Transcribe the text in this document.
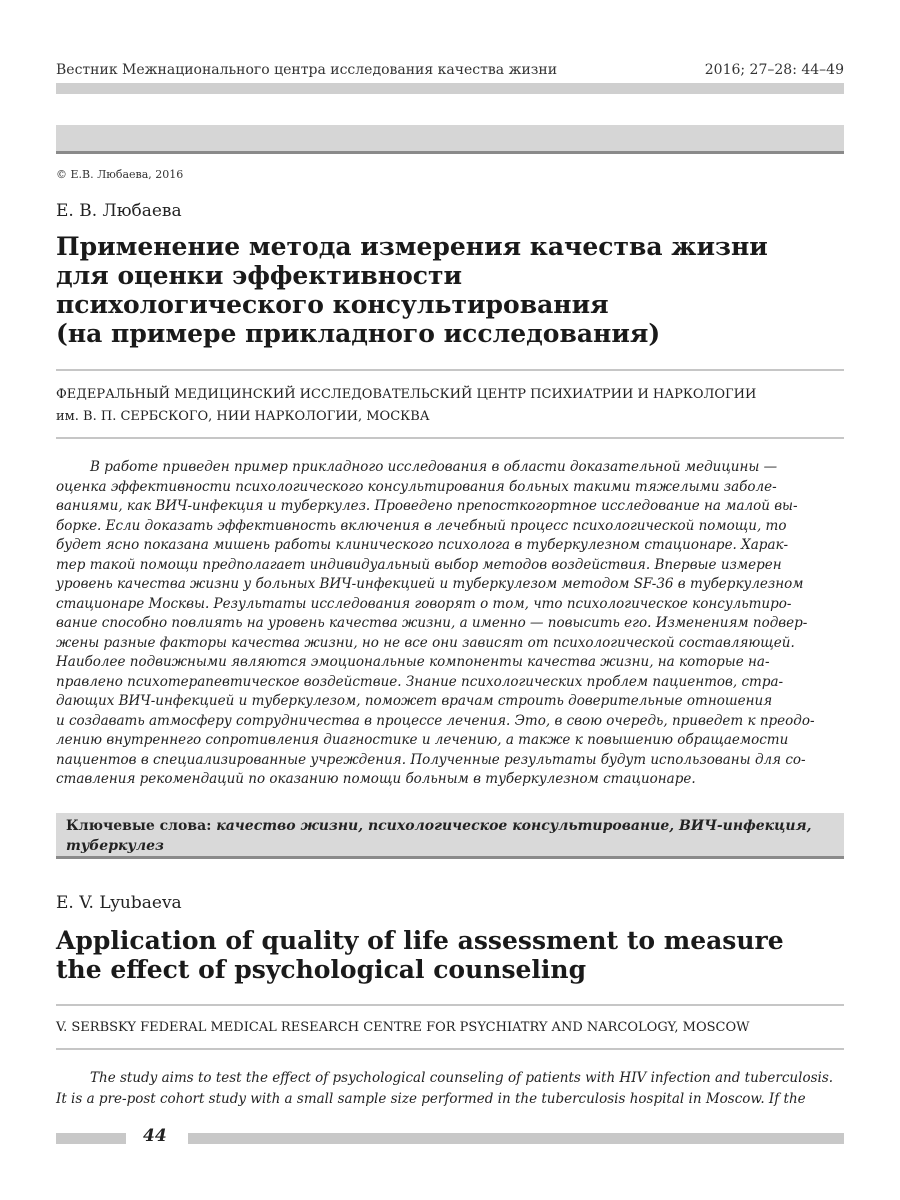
Вестник Межнационального центра исследования качества жизни	2016; 27–28: 44–49
© Е.В. Любаева, 2016
Е. В. Любаева
Применение метода измерения качества жизни
для оценки эффективности
психологического консультирования
(на примере прикладного исследования)
ФЕДЕРАЛЬНЫЙ МЕДИЦИНСКИЙ ИССЛЕДОВАТЕЛЬСКИЙ ЦЕНТР ПСИХИАТРИИ И НАРКОЛОГИИ
им. В. П. СЕРБСКОГО, НИИ НАРКОЛОГИИ, МОСКВА
В работе приведен пример прикладного исследования в области доказательной медицины —
оценка эффективности психологического консультирования больных такими тяжелыми заболе-
ваниями, как ВИЧ-инфекция и туберкулез. Проведено препосткогортное исследование на малой вы-
борке. Если доказать эффективность включения в лечебный процесс психологической помощи, то
будет ясно показана мишень работы клинического психолога в туберкулезном стационаре. Харак-
тер такой помощи предполагает индивидуальный выбор методов воздействия. Впервые измерен
уровень качества жизни у больных ВИЧ-инфекцией и туберкулезом методом SF-36 в туберкулезном
стационаре Москвы. Результаты исследования говорят о том, что психологическое консультиро-
вание способно повлиять на уровень качества жизни, а именно — повысить его. Изменениям подвер-
жены разные факторы качества жизни, но не все они зависят от психологической составляющей.
Наиболее подвижными являются эмоциональные компоненты качества жизни, на которые на-
правлено психотерапевтическое воздействие. Знание психологических проблем пациентов, стра-
дающих ВИЧ-инфекцией и туберкулезом, поможет врачам строить доверительные отношения
и создавать атмосферу сотрудничества в процессе лечения. Это, в свою очередь, приведет к преодо-
лению внутреннего сопротивления диагностике и лечению, а также к повышению обращаемости
пациентов в специализированные учреждения. Полученные результаты будут использованы для со-
ставления рекомендаций по оказанию помощи больным в туберкулезном стационаре.
Ключевые слова: качество жизни, психологическое консультирование, ВИЧ-инфекция,
туберкулез
E. V. Lyubaeva
Application of quality of life assessment to measure
the effect of psychological counseling
V. SERBSKY FEDERAL MEDICAL RESEARCH CENTRE FOR PSYCHIATRY AND NARCOLOGY, MOSCOW
The study aims to test the effect of psychological counseling of patients with HIV infection and tuberculosis.
It is a pre-post cohort study with a small sample size performed in the tuberculosis hospital in Moscow. If the
44
